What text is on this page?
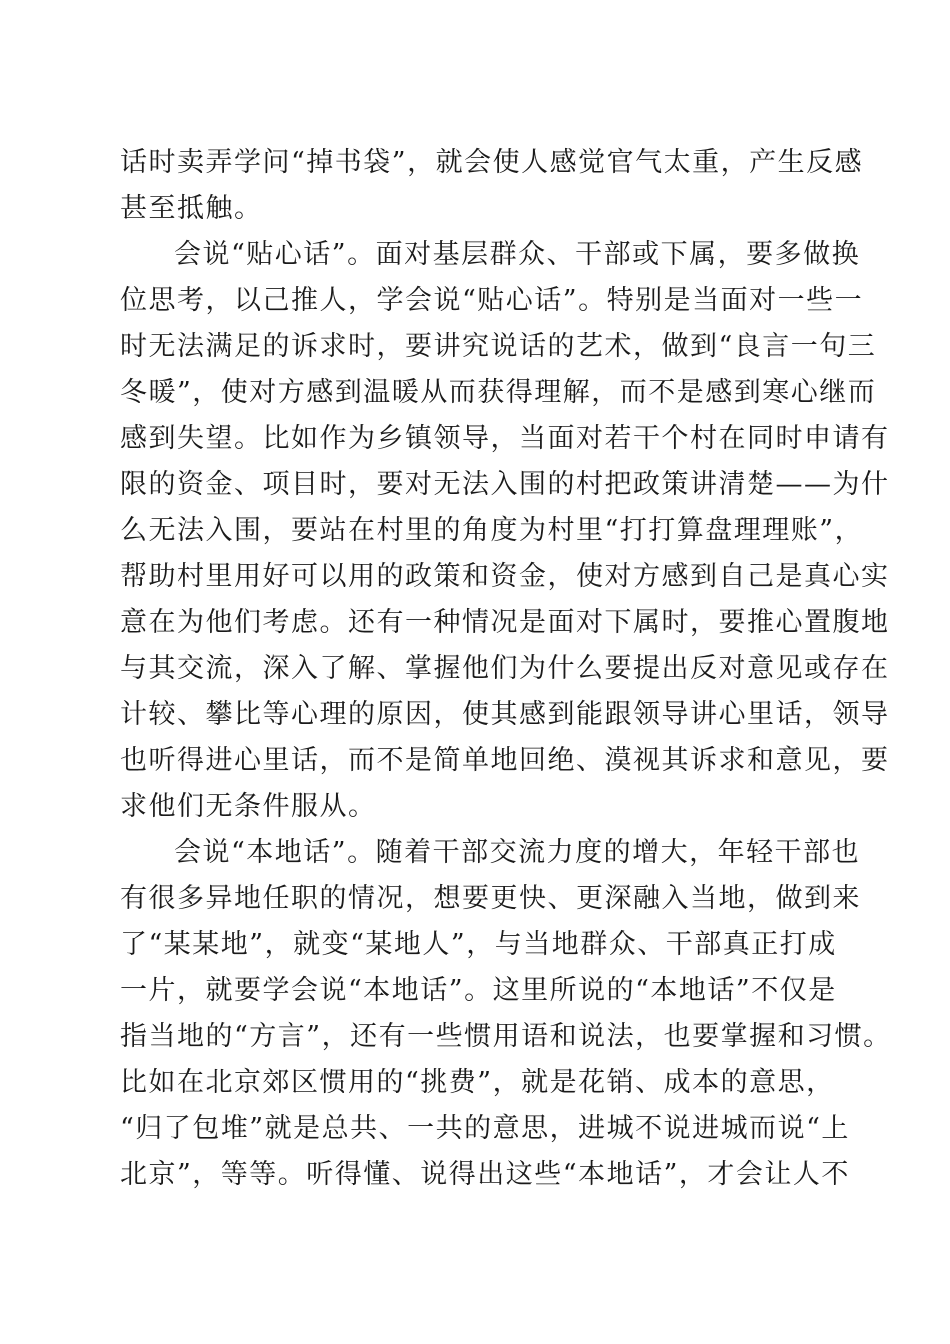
话时卖弄学问“掉书袋”，就会使人感觉官气太重，产生反感
甚至抵触。
会说“贴心话”。面对基层群众、干部或下属，要多做换
位思考，以己推人，学会说“贴心话”。特别是当面对一些一
时无法满足的诉求时，要讲究说话的艺术，做到“良言一句三
冬暖”，使对方感到温暖从而获得理解，而不是感到寒心继而
感到失望。比如作为乡镇领导，当面对若干个村在同时申请有
限的资金、项目时，要对无法入围的村把政策讲清楚——为什
么无法入围，要站在村里的角度为村里“打打算盘理理账”，
帮助村里用好可以用的政策和资金，使对方感到自己是真心实
意在为他们考虑。还有一种情况是面对下属时，要推心置腹地
与其交流，深入了解、掌握他们为什么要提出反对意见或存在
计较、攀比等心理的原因，使其感到能跟领导讲心里话，领导
也听得进心里话，而不是简单地回绝、漠视其诉求和意见，要
求他们无条件服从。
会说“本地话”。随着干部交流力度的增大，年轻干部也
有很多异地任职的情况，想要更快、更深融入当地，做到来
了“某某地”，就变“某地人”，与当地群众、干部真正打成
一片，就要学会说“本地话”。这里所说的“本地话”不仅是
指当地的“方言”，还有一些惯用语和说法，也要掌握和习惯。
比如在北京郊区惯用的“挑费”，就是花销、成本的意思，
“归了包堆”就是总共、一共的意思，进城不说进城而说“上
北京”，等等。听得懂、说得出这些“本地话”，才会让人不
